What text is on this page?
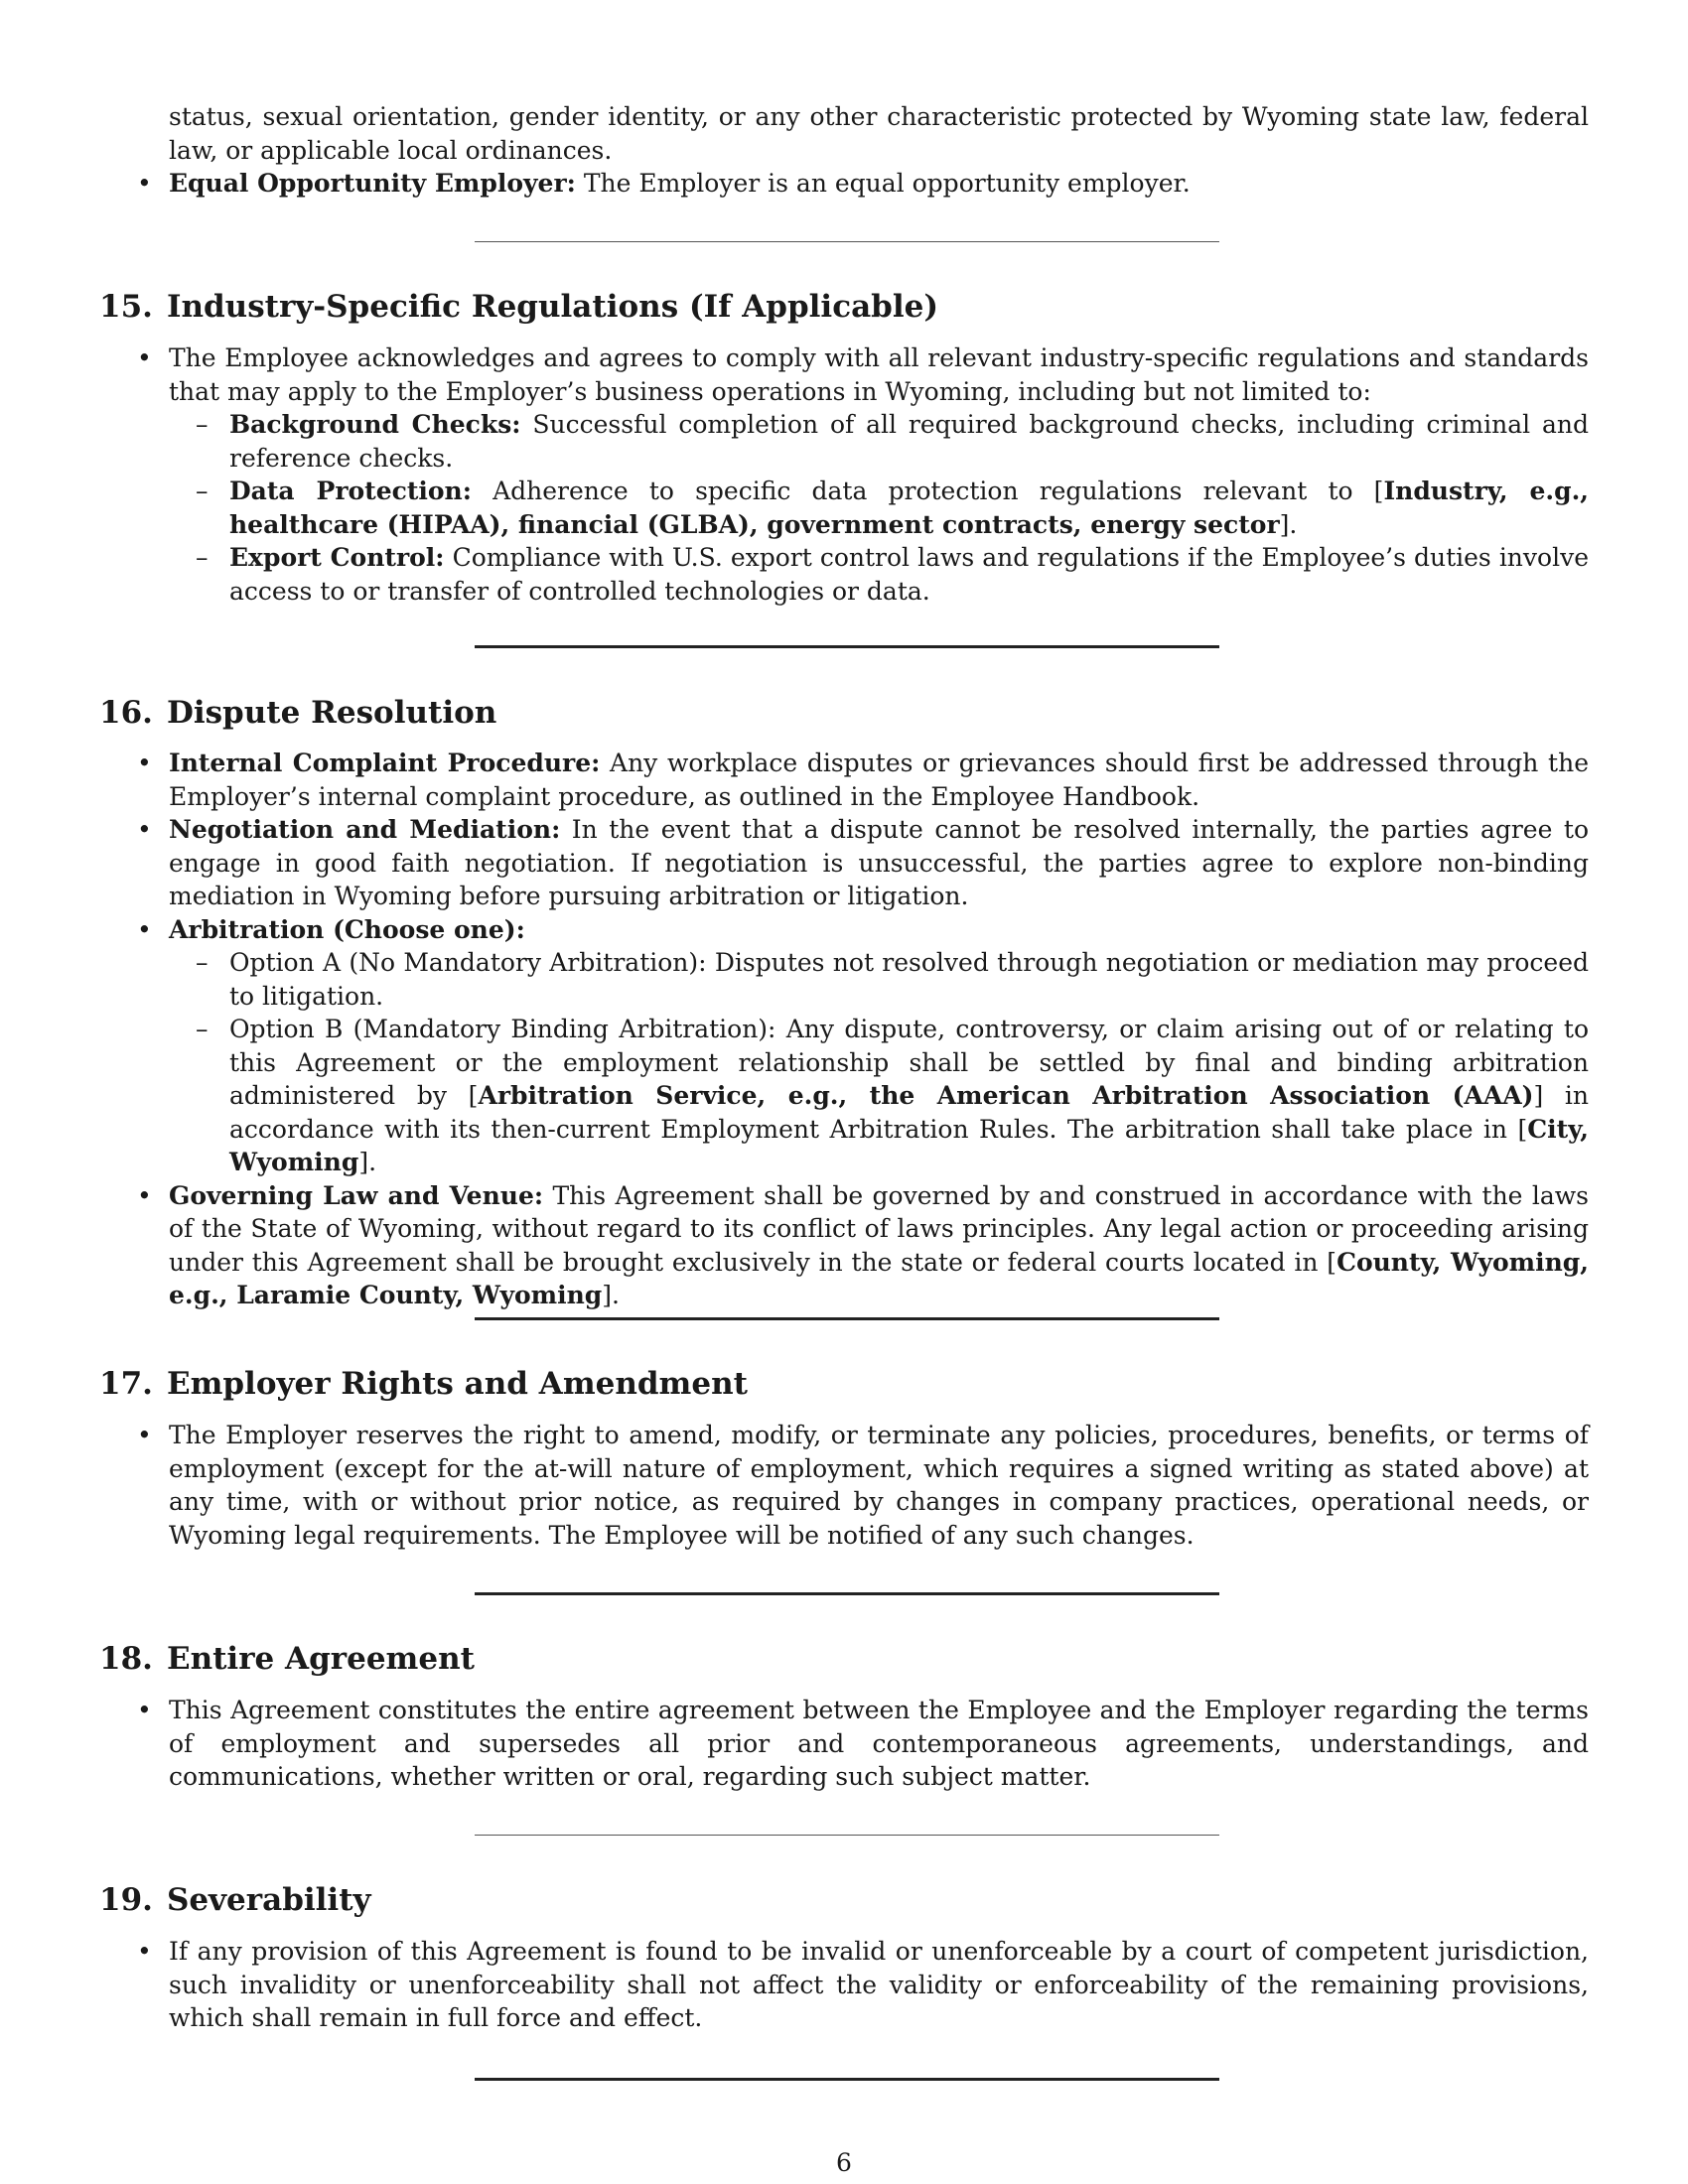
status, sexual orientation, gender identity, or any other characteristic protected by Wyoming state law, federal law, or applicable local ordinances.

• Equal Opportunity Employer: The Employer is an equal opportunity employer.
15. Industry-Specific Regulations (If Applicable)
• The Employee acknowledges and agrees to comply with all relevant industry-specific regulations and standards that may apply to the Employer’s business operations in Wyoming, including but not limited to:
– Background Checks: Successful completion of all required background checks, including criminal and reference checks.
– Data Protection: Adherence to specific data protection regulations relevant to [Industry, e.g., healthcare (HIPAA), financial (GLBA), government contracts, energy sector].
– Export Control: Compliance with U.S. export control laws and regulations if the Employee’s duties involve access to or transfer of controlled technologies or data.
16. Dispute Resolution
• Internal Complaint Procedure: Any workplace disputes or grievances should first be addressed through the Employer’s internal complaint procedure, as outlined in the Employee Handbook.
• Negotiation and Mediation: In the event that a dispute cannot be resolved internally, the parties agree to engage in good faith negotiation. If negotiation is unsuccessful, the parties agree to explore non-binding mediation in Wyoming before pursuing arbitration or litigation.
• Arbitration (Choose one):
– Option A (No Mandatory Arbitration): Disputes not resolved through negotiation or mediation may proceed to litigation.
– Option B (Mandatory Binding Arbitration): Any dispute, controversy, or claim arising out of or relating to this Agreement or the employment relationship shall be settled by final and binding arbitration administered by [Arbitration Service, e.g., the American Arbitration Association (AAA)] in accordance with its then-current Employment Arbitration Rules. The arbitration shall take place in [City, Wyoming].
• Governing Law and Venue: This Agreement shall be governed by and construed in accordance with the laws of the State of Wyoming, without regard to its conflict of laws principles. Any legal action or proceeding arising under this Agreement shall be brought exclusively in the state or federal courts located in [County, Wyoming, e.g., Laramie County, Wyoming].
17. Employer Rights and Amendment
• The Employer reserves the right to amend, modify, or terminate any policies, procedures, benefits, or terms of employment (except for the at-will nature of employment, which requires a signed writing as stated above) at any time, with or without prior notice, as required by changes in company practices, operational needs, or Wyoming legal requirements. The Employee will be notified of any such changes.
18. Entire Agreement
• This Agreement constitutes the entire agreement between the Employee and the Employer regarding the terms of employment and supersedes all prior and contemporaneous agreements, understandings, and communications, whether written or oral, regarding such subject matter.
19. Severability
• If any provision of this Agreement is found to be invalid or unenforceable by a court of competent jurisdiction, such invalidity or unenforceability shall not affect the validity or enforceability of the remaining provisions, which shall remain in full force and effect.
6
